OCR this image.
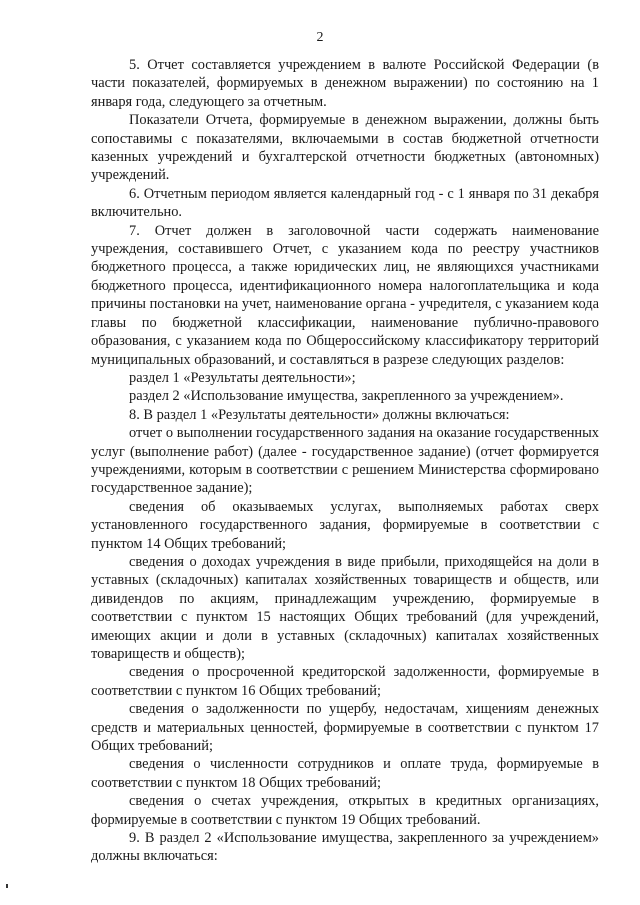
2

5. Отчет составляется учреждением в валюте Российской Федерации (в части показателей, формируемых в денежном выражении) по состоянию на 1 января года, следующего за отчетным.

Показатели Отчета, формируемые в денежном выражении, должны быть сопоставимы с показателями, включаемыми в состав бюджетной отчетности казенных учреждений и бухгалтерской отчетности бюджетных (автономных) учреждений.

6. Отчетным периодом является календарный год - с 1 января по 31 декабря включительно.

7. Отчет должен в заголовочной части содержать наименование учреждения, составившего Отчет, с указанием кода по реестру участников бюджетного процесса, а также юридических лиц, не являющихся участниками бюджетного процесса, идентификационного номера налогоплательщика и кода причины постановки на учет, наименование органа - учредителя, с указанием кода главы по бюджетной классификации, наименование публично-правового образования, с указанием кода по Общероссийскому классификатору территорий муниципальных образований, и составляться в разрезе следующих разделов:

раздел 1 «Результаты деятельности»;

раздел 2 «Использование имущества, закрепленного за учреждением».

8. В раздел 1 «Результаты деятельности» должны включаться:

отчет о выполнении государственного задания на оказание государственных услуг (выполнение работ) (далее - государственное задание) (отчет формируется учреждениями, которым в соответствии с решением Министерства сформировано государственное задание);

сведения об оказываемых услугах, выполняемых работах сверх установленного государственного задания, формируемые в соответствии с пунктом 14 Общих требований;

сведения о доходах учреждения в виде прибыли, приходящейся на доли в уставных (складочных) капиталах хозяйственных товариществ и обществ, или дивидендов по акциям, принадлежащим учреждению, формируемые в соответствии с пунктом 15 настоящих Общих требований (для учреждений, имеющих акции и доли в уставных (складочных) капиталах хозяйственных товариществ и обществ);

сведения о просроченной кредиторской задолженности, формируемые в соответствии с пунктом 16 Общих требований;

сведения о задолженности по ущербу, недостачам, хищениям денежных средств и материальных ценностей, формируемые в соответствии с пунктом 17 Общих требований;

сведения о численности сотрудников и оплате труда, формируемые в соответствии с пунктом 18 Общих требований;

сведения о счетах учреждения, открытых в кредитных организациях, формируемые в соответствии с пунктом 19 Общих требований.

9. В раздел 2 «Использование имущества, закрепленного за учреждением» должны включаться:
